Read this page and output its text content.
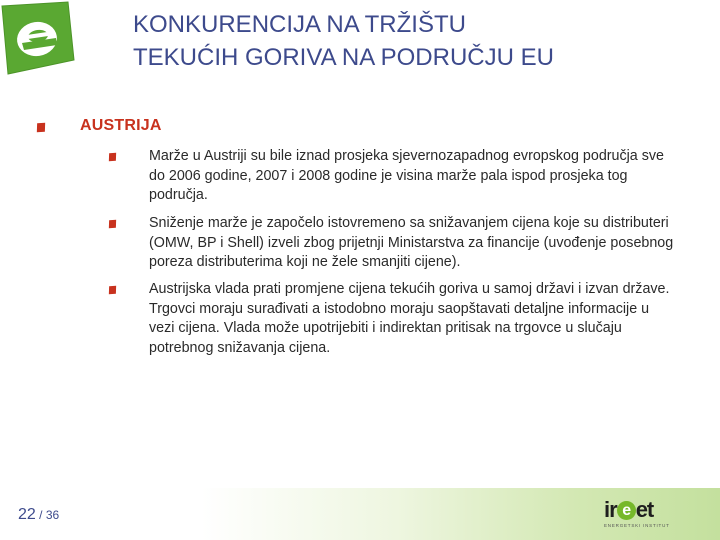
KONKURENCIJA NA TRŽIŠTU
TEKUĆIH GORIVA NA PODRUČJU EU
AUSTRIJA
Marže u Austriji su bile iznad prosjeka sjevernozapadnog evropskog područja sve do 2006 godine, 2007 i 2008 godine je visina marže pala ispod prosjeka tog područja.
Sniženje marže je započelo istovremeno sa snižavanjem cijena koje su distributeri (OMW, BP i Shell) izveli zbog prijetnji Ministarstva za financije (uvođenje posebnog poreza distributerima koji ne žele smanjiti cijene).
Austrijska vlada prati promjene cijena tekućih goriva u samoj državi i izvan države. Trgovci moraju surađivati a istodobno moraju saopštavati detaljne informacije u vezi cijena. Vlada može upotrijebiti i indirektan pritisak na trgovce u slučaju potrebnog snižavanja cijena.
22 / 36	ir e et
ENERGETSKI INSTITUT
